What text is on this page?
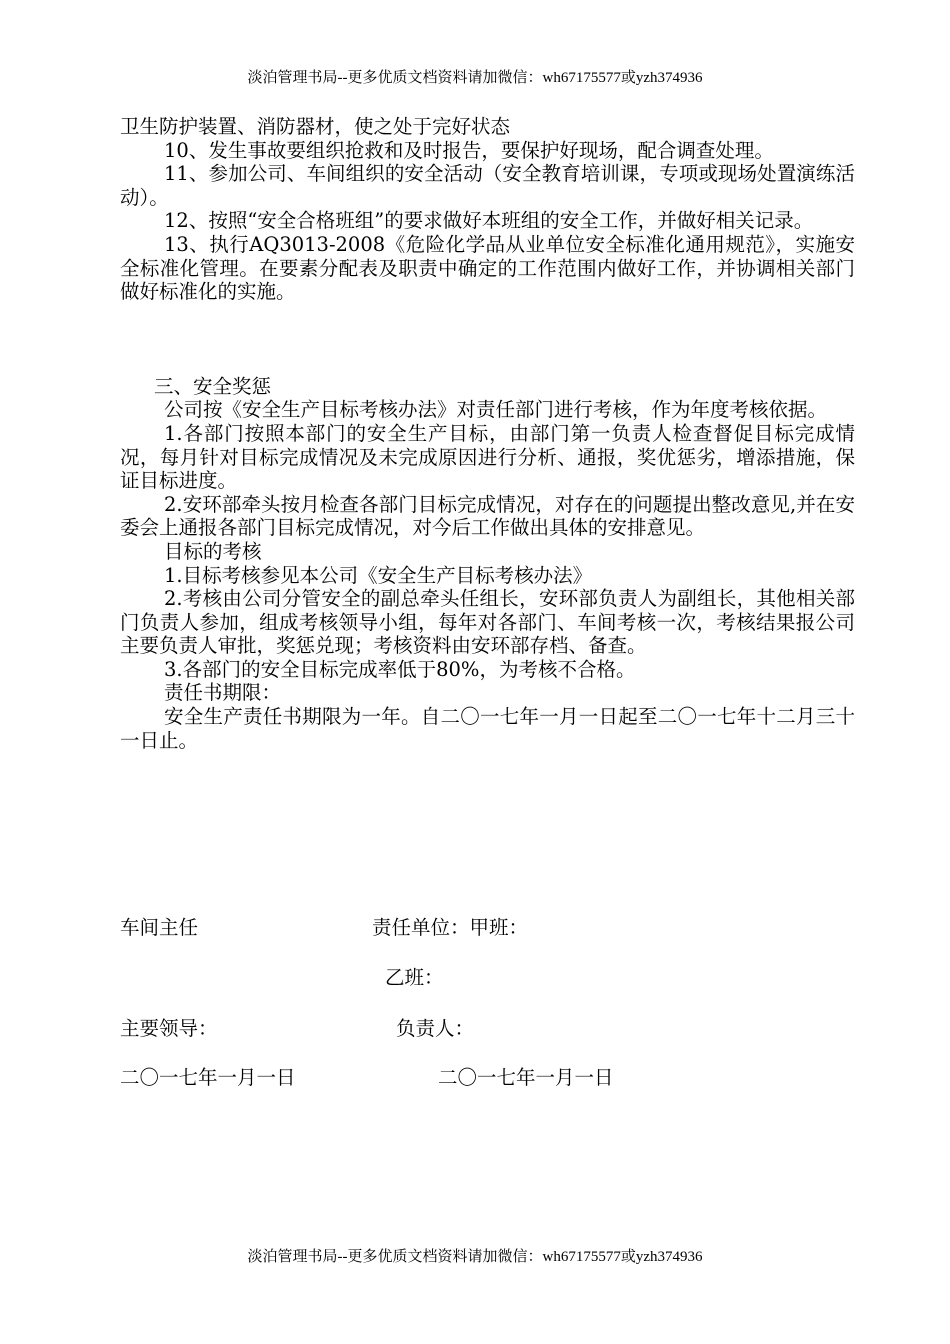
淡泊管理书局--更多优质文档资料请加微信：wh67175577或yzh374936

卫生防护装置、消防器材，使之处于完好状态

10、发生事故要组织抢救和及时报告，要保护好现场，配合调查处理。

11、参加公司、车间组织的安全活动（安全教育培训课，专项或现场处置演练活动）。

12、按照“安全合格班组”的要求做好本班组的安全工作，并做好相关记录。

13、执行AQ3013-2008《危险化学品从业单位安全标准化通用规范》，实施安全标准化管理。在要素分配表及职责中确定的工作范围内做好工作，并协调相关部门做好标准化的实施。

三、安全奖惩

公司按《安全生产目标考核办法》对责任部门进行考核，作为年度考核依据。

1.各部门按照本部门的安全生产目标，由部门第一负责人检查督促目标完成情况，每月针对目标完成情况及未完成原因进行分析、通报，奖优惩劣，增添措施，保证目标进度。

2.安环部牵头按月检查各部门目标完成情况，对存在的问题提出整改意见,并在安委会上通报各部门目标完成情况，对今后工作做出具体的安排意见。

目标的考核

1.目标考核参见本公司《安全生产目标考核办法》

2.考核由公司分管安全的副总牵头任组长，安环部负责人为副组长，其他相关部门负责人参加，组成考核领导小组，每年对各部门、车间考核一次，考核结果报公司主要负责人审批，奖惩兑现；考核资料由安环部存档、备查。

3.各部门的安全目标完成率低于80%，为考核不合格。

责任书期限：

安全生产责任书期限为一年。自二〇一七年一月一日起至二〇一七年十二月三十一日止。

车间主任	责任单位：甲班：
乙班：
主要领导：	负责人：
二〇一七年一月一日	二〇一七年一月一日
淡泊管理书局--更多优质文档资料请加微信：wh67175577或yzh374936
